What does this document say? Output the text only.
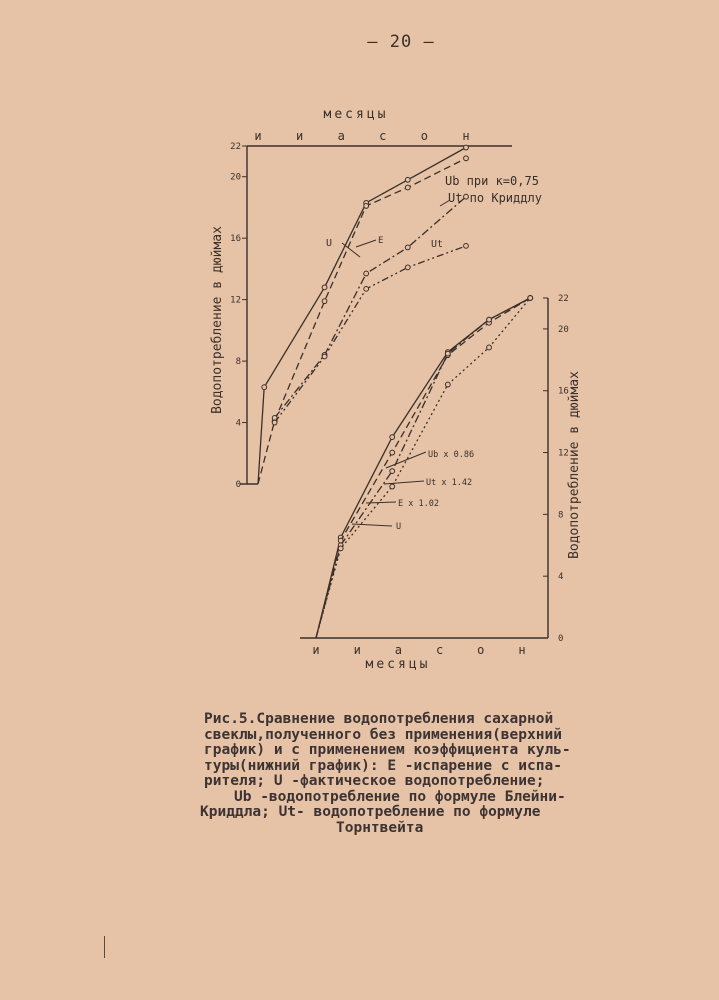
— 20 —
0
4
8
12
16
20
22
и	и	а	с	о	н
месяцы
Водопотребление в дюймах
Ub при к=0,75
Ut по Криддлу
U	E	Ut
0
4
8
12
16
20
22
и	и	а	с	о	н
месяцы
Водопотребление в дюймах
Ub x 0.86
Ut x 1.42
E x 1.02
U
Рис.5.Сравнение водопотребления сахарной
свеклы,полученного без применения(верхний
график) и с применением коэффициента куль-
туры(нижний график): E -испарение с испа-
рителя; U -фактическое водопотребление;
Ub -водопотребление по формуле Блейни-
Криддла; Ut- водопотребление по формуле
Торнтвейта
